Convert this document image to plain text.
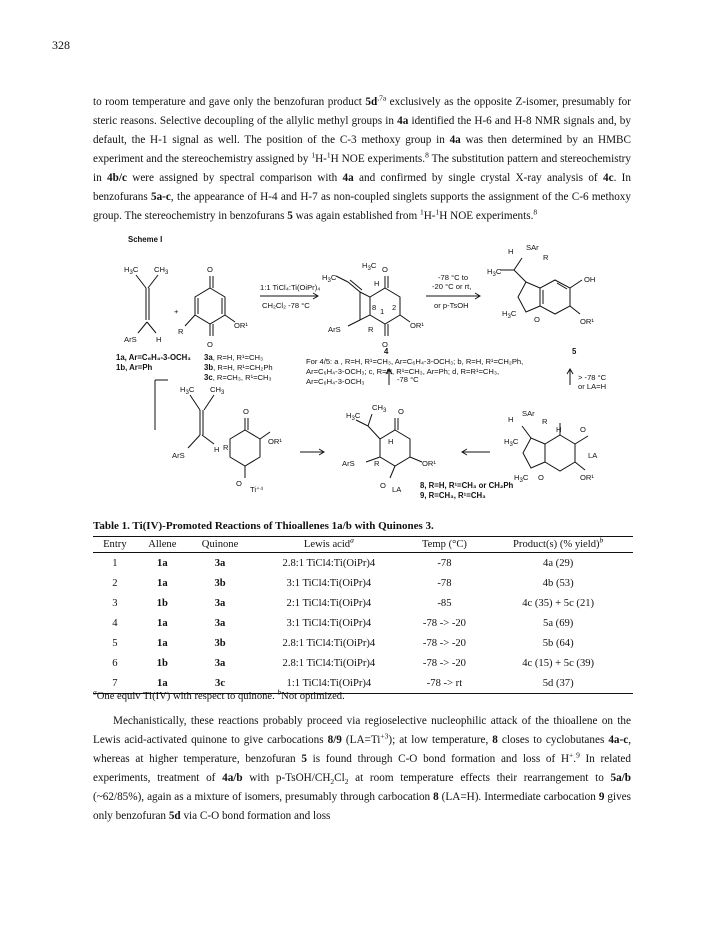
328

to room temperature and gave only the benzofuran product $5d^{,7a}$ exclusively as the opposite Z-isomer, presumably for steric reasons. Selective decoupling of the allylic methyl groups in 4a identified the H-6 and H-8 NMR signals and, by default, the H-1 signal as well. The position of the C-3 methoxy group in 4a was then determined by an HMBC experiment and the stereochemistry assigned by $^1$H-$^1$H NOE experiments.$^8$ The substitution pattern and stereochemistry in 4b/c were assigned by spectral comparison with 4a and confirmed by single crystal X-ray analysis of 4c. In benzofurans 5a-c, the appearance of H-4 and H-7 as non-coupled singlets supports the assignment of the C-6 methoxy group. The stereochemistry in benzofurans 5 was again established from $^1$H-$^1$H NOE experiments.$^8$

Scheme I
$H_3C$ $CH_3$
ArS	H
+
O
O
R
OR¹
1:1 TiCl₄:Ti(OiPr)₄
CH₂Cl₂ -78 °C
$H_3C$
$H_3C$
O
O
H
8 1 2
ArS	R	OR¹
-78 °C to
-20 °C or rt,
or p-TsOH
H SAr
R
$H_3C$
OH
$H_3C$
O	OR¹
1a, Ar=C₆H₄-3-OCH₃
1b, Ar=Ph
3a, R=H, R¹=CH₃
3b, R=H, R¹=CH₂Ph
3c, R=CH₃, R¹=CH₃
4	5
For 4/5: a , R=H, R¹=CH₃, Ar=C₆H₄-3-OCH₃; b, R=H, R¹=CH₂Ph,
Ar=C₆H₄-3-OCH₃; c, R=H, R¹=CH₃, Ar=Ph; d, R=R¹=CH₃,
Ar=C₆H₄-3-OCH₃	-78 °C	> -78 °C
or LA=H
$H_3C$ $CH_3$
O
ArS
H R
OR¹
O
Ti⁺⁴
$H_3C$
$CH_3$ O
H
ArS	R	OR¹
O LA 8, R=H, R¹=CH₃ or CH₂Ph
9, R=CH₃, R¹=CH₃
H
SAr
R
H
$H_3C$
O
LA
$H_3C$ O	OR¹
Table 1. Ti(IV)-Promoted Reactions of Thioallenes 1a/b with Quinones 3.
Entry	Allene	Quinone	Lewis acid$^a$	Temp (°C)	Product(s) (% yield)$^b$
1	1a	3a	2.8:1 TiCl4:Ti(OiPr)4	-78	4a (29)
2	1a	3b	3:1 TiCl4:Ti(OiPr)4	-78	4b (53)
3	1b	3a	2:1 TiCl4:Ti(OiPr)4	-85	4c (35) + 5c (21)
4	1a	3a	3:1 TiCl4:Ti(OiPr)4	-78 -> -20	5a (69)
5	1a	3b	2.8:1 TiCl4:Ti(OiPr)4	-78 -> -20	5b (64)
6	1b	3a	2.8:1 TiCl4:Ti(OiPr)4	-78 -> -20	4c (15) + 5c (39)
7	1a	3c	1:1 TiCl4:Ti(OiPr)4	-78 -> rt	5d (37)
$^a$One equiv Ti(IV) with respect to quinone. $^b$Not optimized.

Mechanistically, these reactions probably proceed via regioselective nucleophilic attack of the thioallene on the Lewis acid-activated quinone to give carbocations 8/9 $(LA=Ti^{+3})$; at low temperature, 8 closes to cyclobutanes 4a-c, whereas at higher temperature, benzofuran 5 is found through C-O bond formation and loss of H+.$^9$ In related experiments, treatment of 4a/b with $p-TsOH/CH_2Cl_2$ at room temperature effects their rearrangement to 5a/b (~62/85%), again as a mixture of isomers, presumably through carbocation 8 (LA=H). Intermediate carbocation 9 gives only benzofuran 5d via C-O bond formation and loss
